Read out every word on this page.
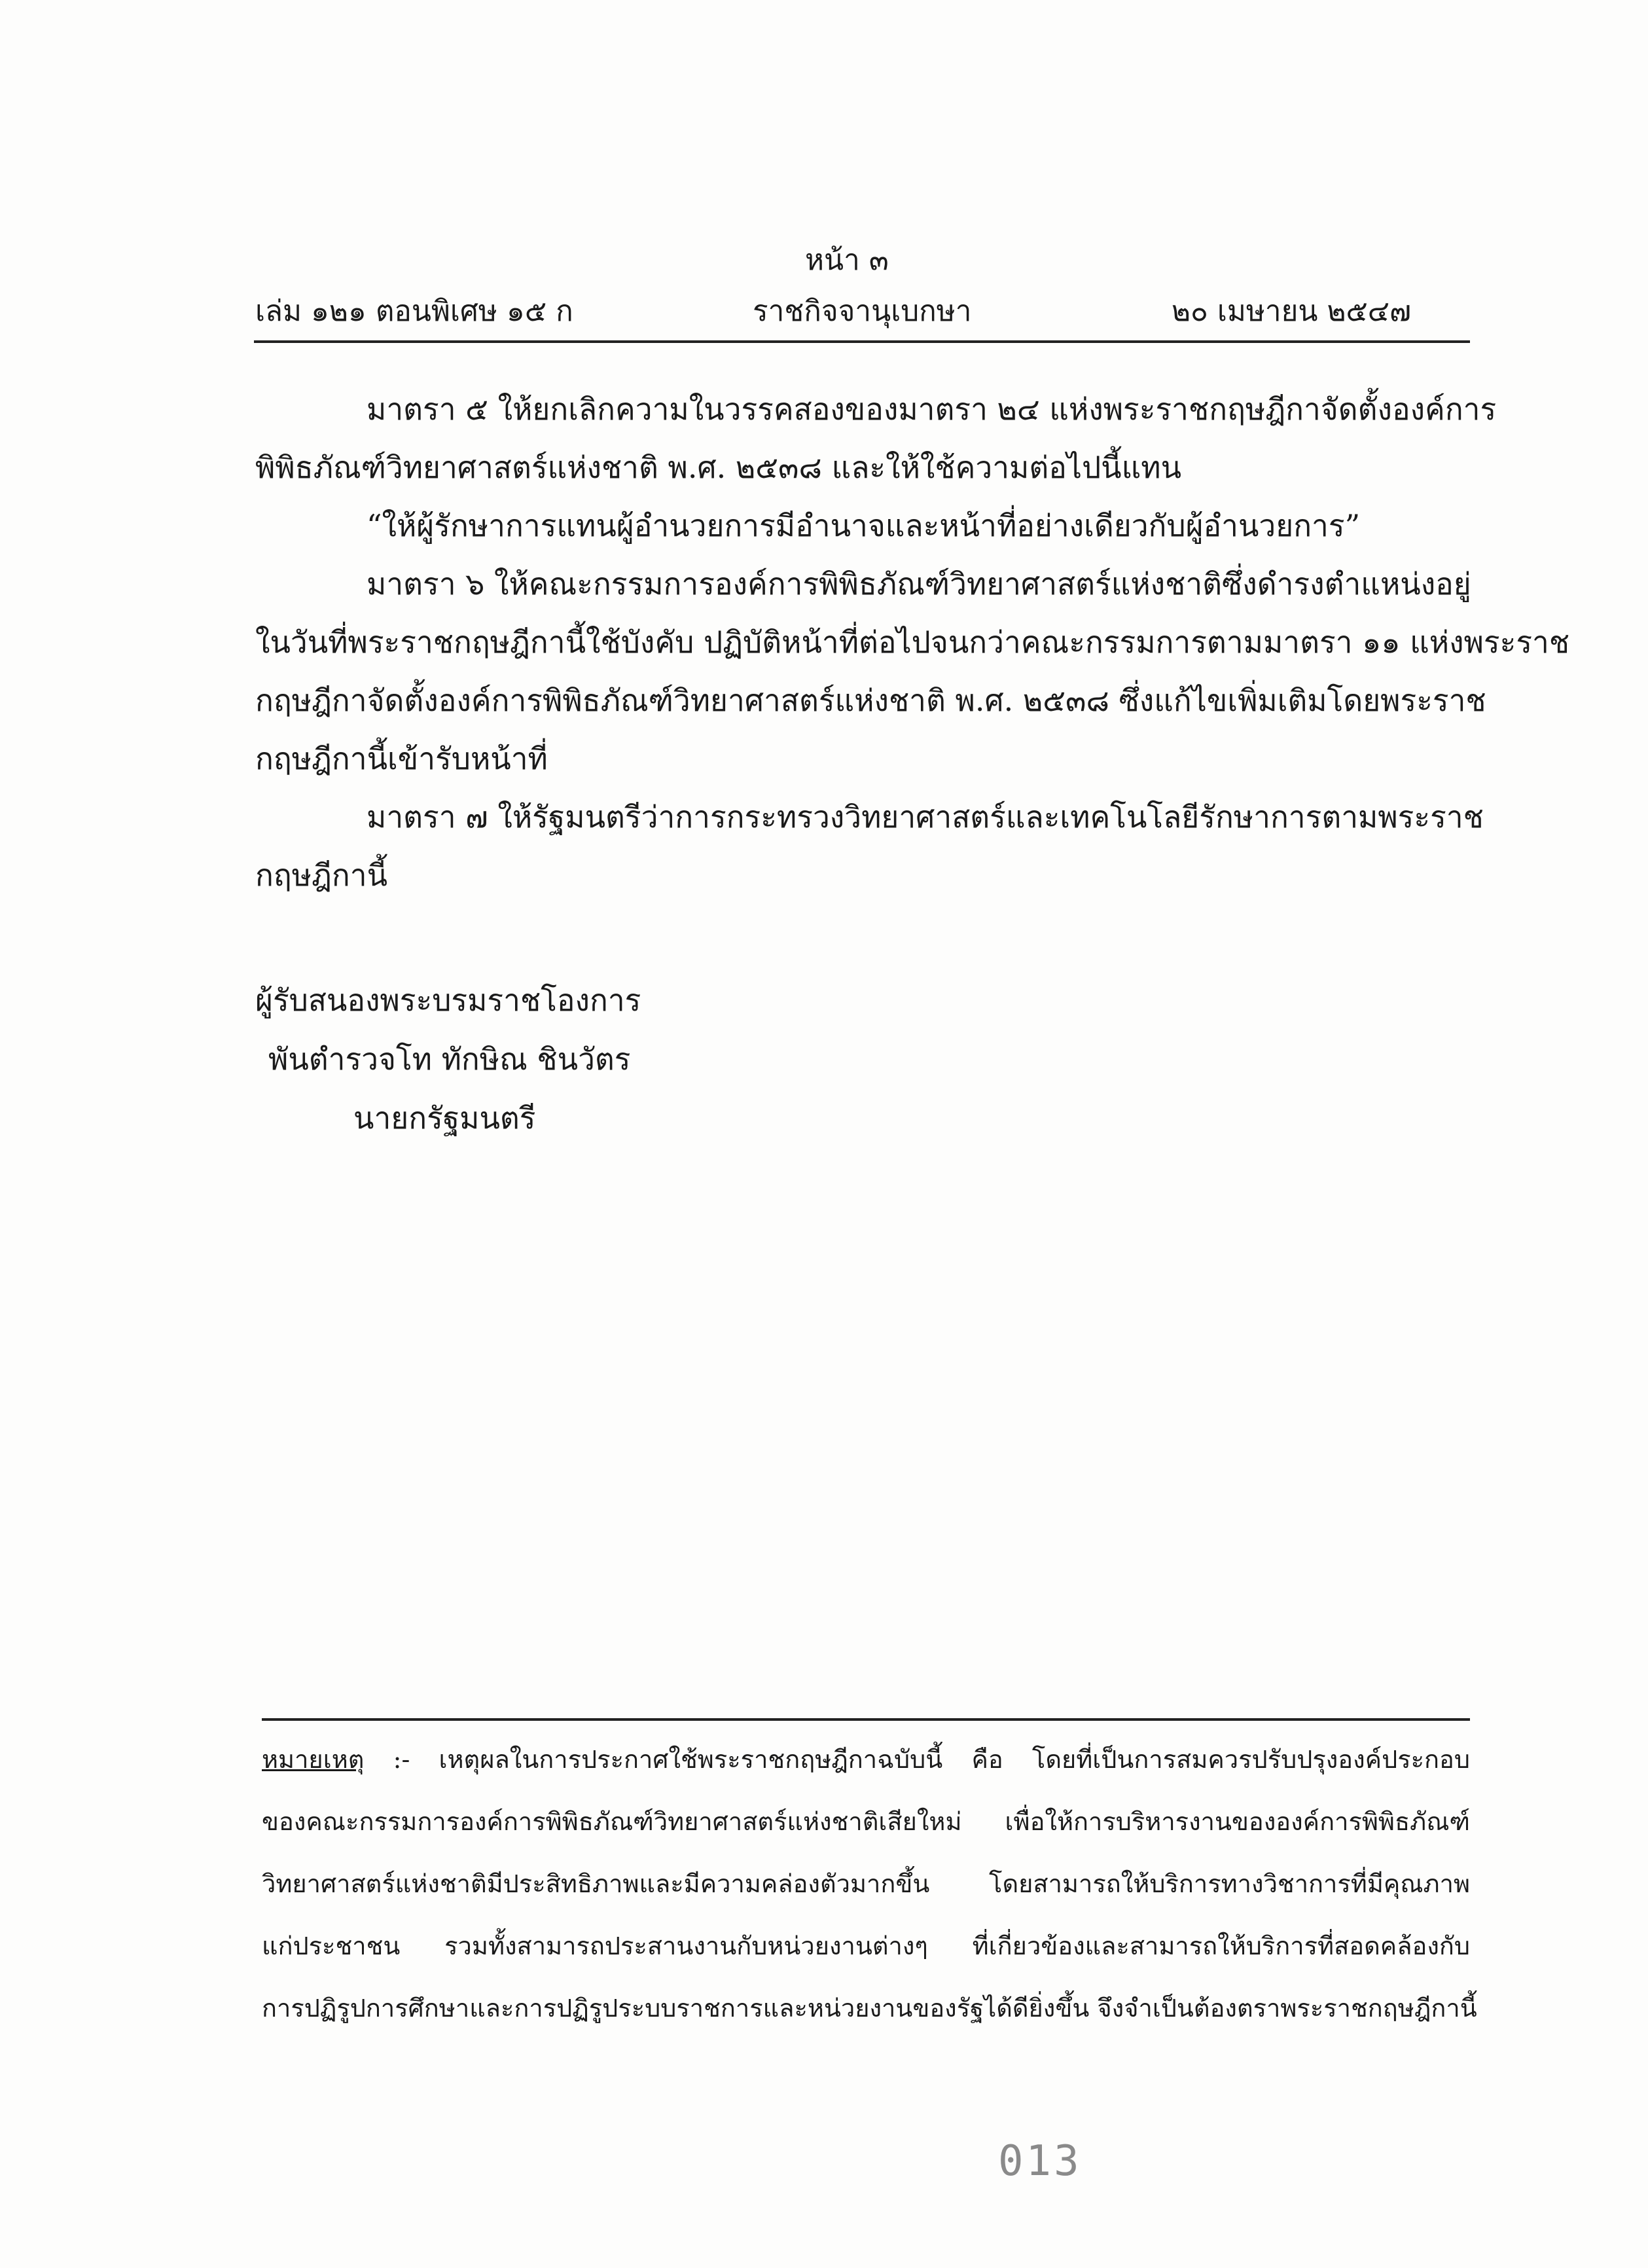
หน้า ๓
เล่ม ๑๒๑ ตอนพิเศษ ๑๕ ก	ราชกิจจานุเบกษา	๒๐ เมษายน ๒๕๔๗
มาตรา ๕ ให้ยกเลิกความในวรรคสองของมาตรา ๒๔ แห่งพระราชกฤษฎีกาจัดตั้งองค์การ
พิพิธภัณฑ์วิทยาศาสตร์แห่งชาติ พ.ศ. ๒๕๓๘ และให้ใช้ความต่อไปนี้แทน
“ให้ผู้รักษาการแทนผู้อำนวยการมีอำนาจและหน้าที่อย่างเดียวกับผู้อำนวยการ”
มาตรา ๖ ให้คณะกรรมการองค์การพิพิธภัณฑ์วิทยาศาสตร์แห่งชาติซึ่งดำรงตำแหน่งอยู่
ในวันที่พระราชกฤษฎีกานี้ใช้บังคับ ปฏิบัติหน้าที่ต่อไปจนกว่าคณะกรรมการตามมาตรา ๑๑ แห่งพระราช
กฤษฎีกาจัดตั้งองค์การพิพิธภัณฑ์วิทยาศาสตร์แห่งชาติ พ.ศ. ๒๕๓๘ ซึ่งแก้ไขเพิ่มเติมโดยพระราช
กฤษฎีกานี้เข้ารับหน้าที่
มาตรา ๗ ให้รัฐมนตรีว่าการกระทรวงวิทยาศาสตร์และเทคโนโลยีรักษาการตามพระราช
กฤษฎีกานี้
ผู้รับสนองพระบรมราชโองการ
พันตำรวจโท ทักษิณ ชินวัตร
นายกรัฐมนตรี
หมายเหตุ :- เหตุผลในการประกาศใช้พระราชกฤษฎีกาฉบับนี้ คือ โดยที่เป็นการสมควรปรับปรุงองค์ประกอบ
ของคณะกรรมการองค์การพิพิธภัณฑ์วิทยาศาสตร์แห่งชาติเสียใหม่ เพื่อให้การบริหารงานขององค์การพิพิธภัณฑ์
วิทยาศาสตร์แห่งชาติมีประสิทธิภาพและมีความคล่องตัวมากขึ้น โดยสามารถให้บริการทางวิชาการที่มีคุณภาพ
แก่ประชาชน รวมทั้งสามารถประสานงานกับหน่วยงานต่างๆ ที่เกี่ยวข้องและสามารถให้บริการที่สอดคล้องกับ
การปฏิรูปการศึกษาและการปฏิรูประบบราชการและหน่วยงานของรัฐได้ดียิ่งขึ้น จึงจำเป็นต้องตราพระราชกฤษฎีกานี้
013
